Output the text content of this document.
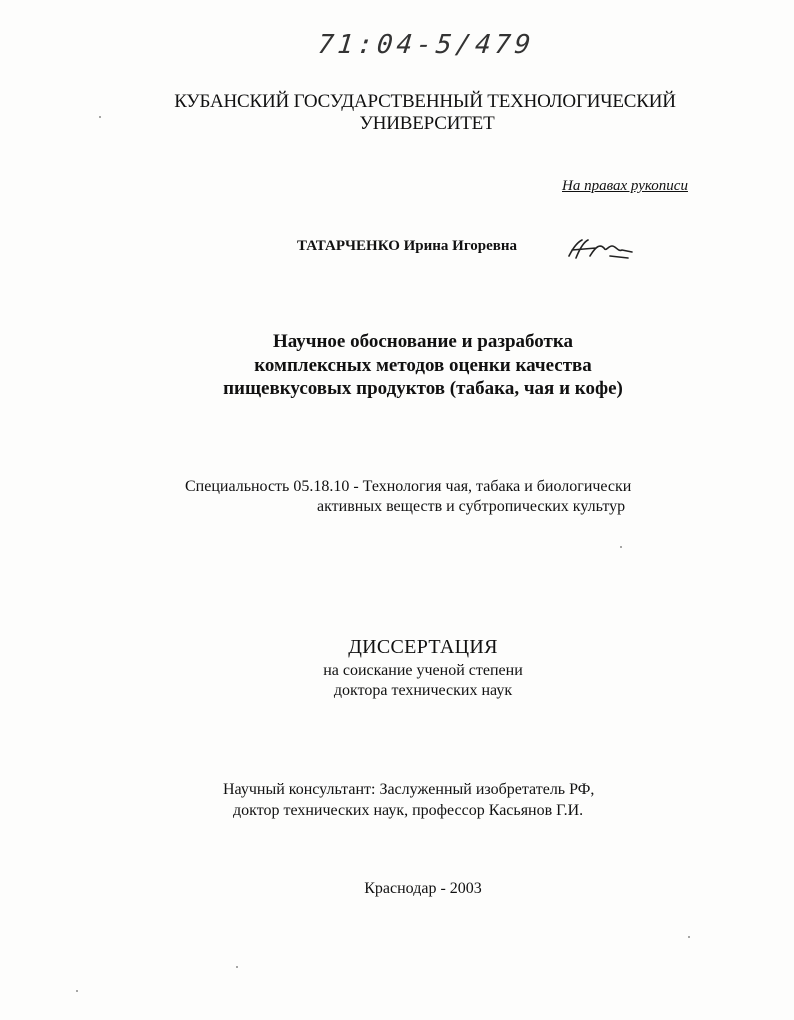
71:04-5/479
КУБАНСКИЙ ГОСУДАРСТВЕННЫЙ ТЕХНОЛОГИЧЕСКИЙ
УНИВЕРСИТЕТ
На правах рукописи
ТАТАРЧЕНКО Ирина Игоревна
Научное обоснование и разработка
комплексных методов оценки качества
пищевкусовых продуктов (табака, чая и кофе)
Специальность 05.18.10 - Технология чая, табака и биологически
активных веществ и субтропических культур
ДИССЕРТАЦИЯ
на соискание ученой степени
доктора технических наук
Научный консультант: Заслуженный изобретатель РФ,
доктор технических наук, профессор Касьянов Г.И.
Краснодар - 2003
